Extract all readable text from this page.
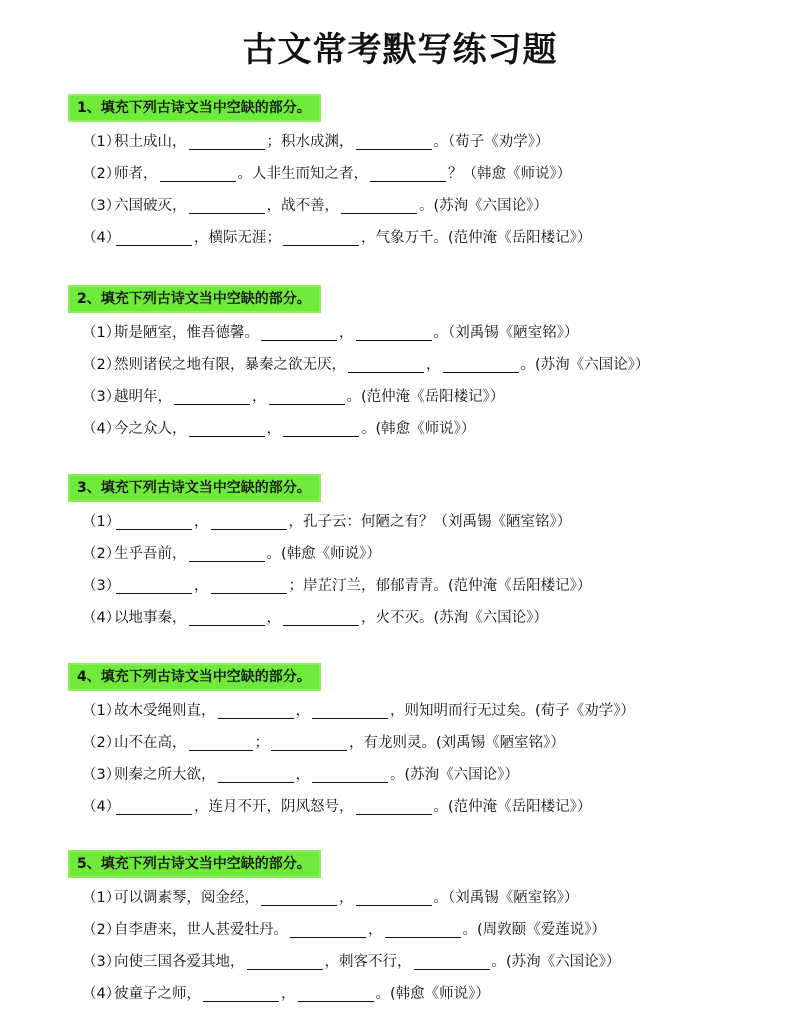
古文常考默写练习题
1、填充下列古诗文当中空缺的部分。
（1）
积土成山，	；积水成渊，	。（荀子《劝学》）
（2）
师者，	。人非生而知之者，	？（韩愈《师说》）
（3）
六国破灭，	，战不善，	。(苏洵《六国论》）
（4）	，横际无涯；	，气象万千。(范仲淹《岳阳楼记》）
2、填充下列古诗文当中空缺的部分。
（1）
斯是陋室，惟吾德馨。	，	。（刘禹锡《陋室铭》）
（2）
然则诸侯之地有限，暴秦之欲无厌，	，	。(苏洵《六国论》）
（3）
越明年，	，	。(范仲淹《岳阳楼记》）
（4）
今之众人，	，	。(韩愈《师说》）
3、填充下列古诗文当中空缺的部分。
（1）	，	，孔子云：何陋之有？（刘禹锡《陋室铭》）
（2）
生乎吾前，	。(韩愈《师说》）
（3）	，	；岸芷汀兰，郁郁青青。(范仲淹《岳阳楼记》）
（4）
以地事秦，	，	，火不灭。(苏洵《六国论》）
4、填充下列古诗文当中空缺的部分。
（1）
故木受绳则直，	，	，则知明而行无过矣。(荀子《劝学》）
（2）
山不在高，	；	，有龙则灵。(刘禹锡《陋室铭》）
（3）
则秦之所大欲，	，	。(苏洵《六国论》）
（4）	，连月不开，阴风怒号，	。(范仲淹《岳阳楼记》）
5、填充下列古诗文当中空缺的部分。
（1）
可以调素琴，阅金经，	，	。（刘禹锡《陋室铭》）
（2）
自李唐来，世人甚爱牡丹。	，	。(周敦颐《爱莲说》）
（3）
向使三国各爱其地，	，刺客不行，	。(苏洵《六国论》）
（4）
彼童子之师，	，	。(韩愈《师说》）
